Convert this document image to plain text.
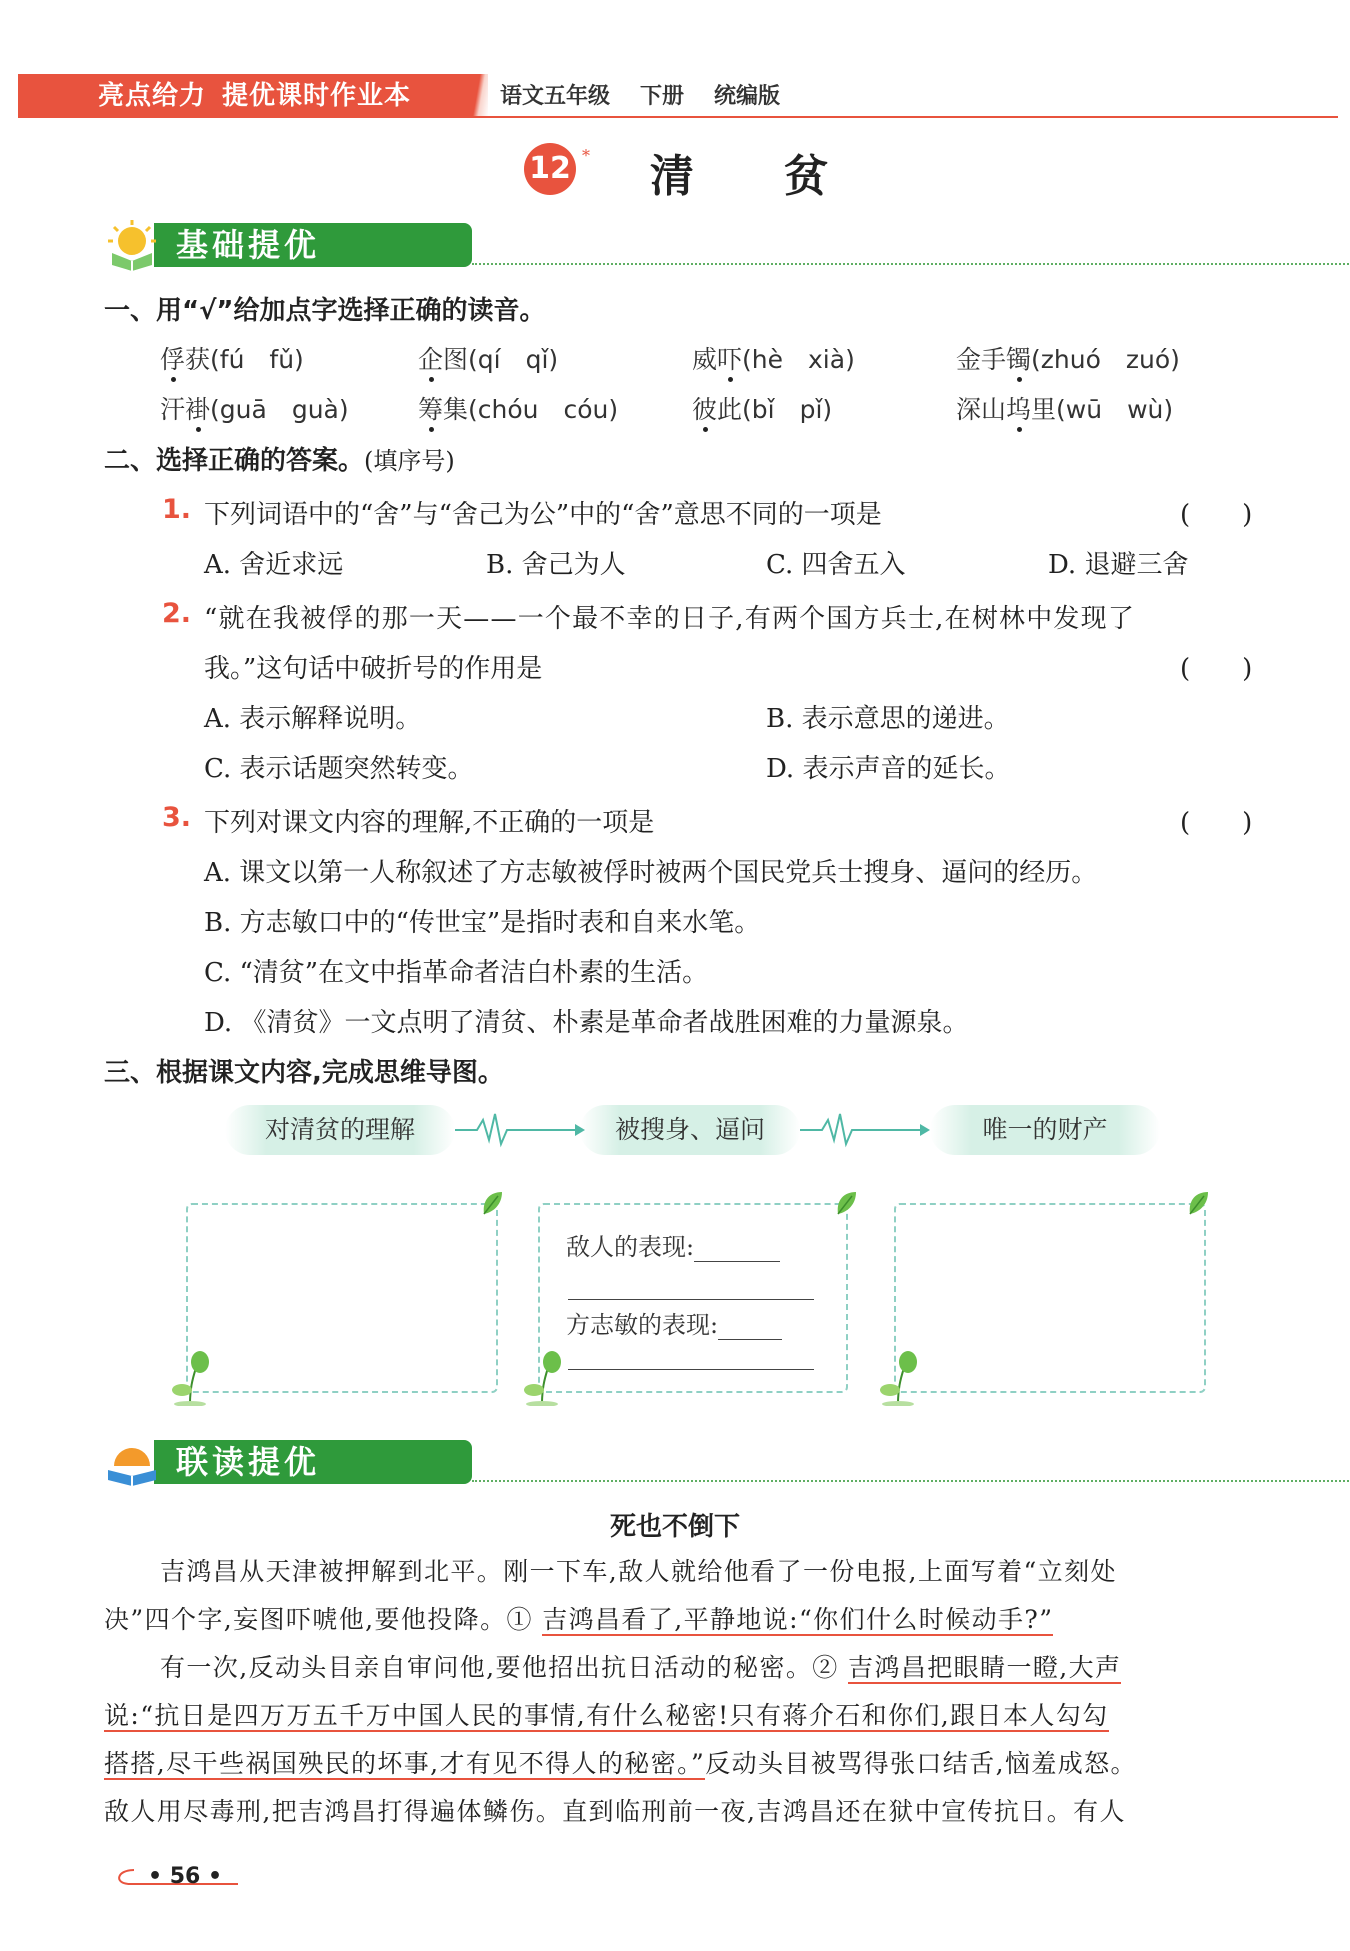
亮点给力 提优课时作业本	语文五年级 下册 统编版
12 * 清贫
基础提优
一、用“√”给加点字选择正确的读音。
俘获(fú　fǔ)	企图(qí　qǐ)	威吓(hè　xià)	金手镯(zhuó　zuó)
汗褂(guā　guà)	筹集(chóu　cóu)	彼此(bǐ　pǐ)	深山坞里(wū　wù)
二、选择正确的答案。(填序号)
1. 下列词语中的“舍”与“舍己为公”中的“舍”意思不同的一项是	(　　)
A. 舍近求远	B. 舍己为人	C. 四舍五入	D. 退避三舍
2. “就在我被俘的那一天——一个最不幸的日子,有两个国方兵士,在树林中发现了
我。”这句话中破折号的作用是	(　　)
A. 表示解释说明。	B. 表示意思的递进。
C. 表示话题突然转变。	D. 表示声音的延长。
3. 下列对课文内容的理解,不正确的一项是	(　　)
A. 课文以第一人称叙述了方志敏被俘时被两个国民党兵士搜身、逼问的经历。
B. 方志敏口中的“传世宝”是指时表和自来水笔。
C. “清贫”在文中指革命者洁白朴素的生活。
D. 《清贫》一文点明了清贫、朴素是革命者战胜困难的力量源泉。
三、根据课文内容,完成思维导图。
对清贫的理解	被搜身、逼问	唯一的财产
敌人的表现:
方志敏的表现:
联读提优
死也不倒下
吉鸿昌从天津被押解到北平。刚一下车,敌人就给他看了一份电报,上面写着“立刻处
决”四个字,妄图吓唬他,要他投降。① 吉鸿昌看了,平静地说:“你们什么时候动手?”
有一次,反动头目亲自审问他,要他招出抗日活动的秘密。② 吉鸿昌把眼睛一瞪,大声
说:“抗日是四万万五千万中国人民的事情,有什么秘密!只有蒋介石和你们,跟日本人勾勾
搭搭,尽干些祸国殃民的坏事,才有见不得人的秘密。”反动头目被骂得张口结舌,恼羞成怒。
敌人用尽毒刑,把吉鸿昌打得遍体鳞伤。直到临刑前一夜,吉鸿昌还在狱中宣传抗日。有人
• 56 •
